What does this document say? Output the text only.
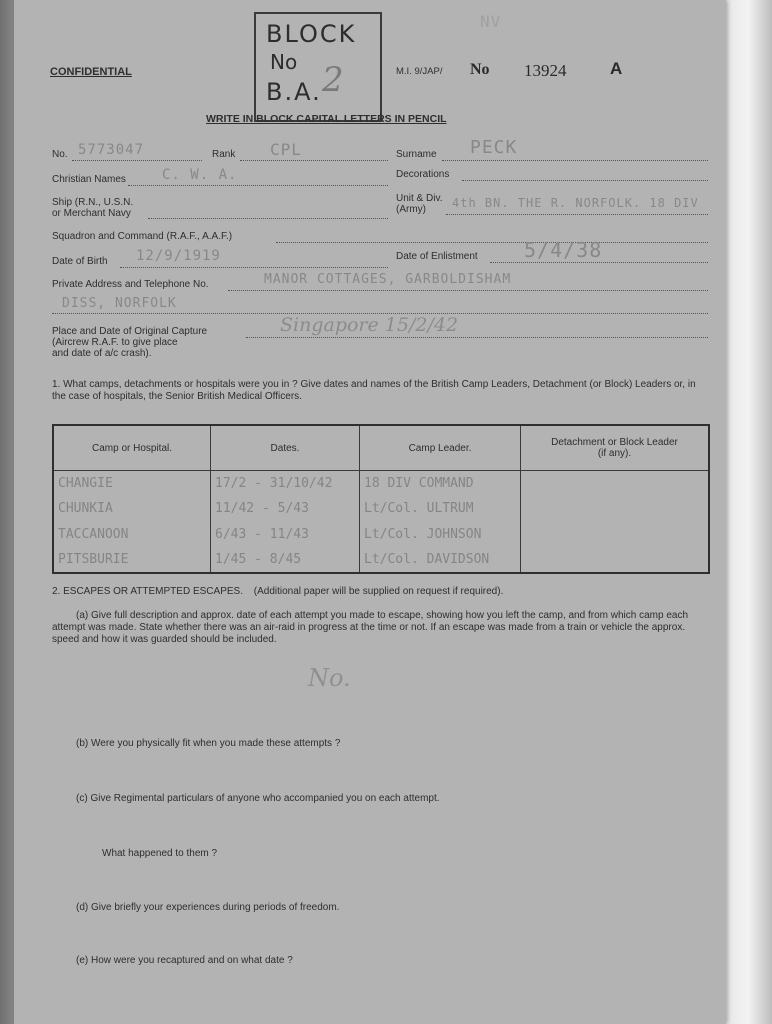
CONFIDENTIAL
BLOCK
No
B.A. 2
NV
M.I. 9/JAP/ No 13924	A
WRITE IN BLOCK CAPITAL LETTERS IN PENCIL
No. 5773047	Rank CPL	Surname PECK
Christian Names	C. W. A.	Decorations
Ship (R.N., U.S.N.
or Merchant Navy
Unit & Div.
(Army) 4th BN. THE R. NORFOLK. 18 DIV
Squadron and Command (R.A.F., A.A.F.)
Date of Birth 12/9/1919	Date of Enlistment 5/4/38
Private Address and Telephone No.	MANOR COTTAGES, GARBOLDISHAM
DISS, NORFOLK
Place and Date of Original Capture
(Aircrew R.A.F. to give place
and date of a/c crash).
Singapore 15/2/42
1. What camps, detachments or hospitals were you in ? Give dates and names of the British Camp Leaders, Detachment (or Block) Leaders or, in the case of hospitals, the Senior British Medical Officers.
Camp or Hospital.	Dates.	Camp Leader.	Detachment or Block Leader (if any).
CHANGIE	17/2 - 31/10/42	18 DIV COMMAND	
CHUNKIA	11/42 - 5/43	Lt/Col. ULTRUM	
TACCANOON	6/43 - 11/43	Lt/Col. JOHNSON	
PITSBURIE	1/45 - 8/45	Lt/Col. DAVIDSON	
2. ESCAPES OR ATTEMPTED ESCAPES. (Additional paper will be supplied on request if required).
(a) Give full description and approx. date of each attempt you made to escape, showing how you left the camp, and from which camp each attempt was made. State whether there was an air-raid in progress at the time or not. If an escape was made from a train or vehicle the approx. speed and how it was guarded should be included.
No.
(b) Were you physically fit when you made these attempts ?
(c) Give Regimental particulars of anyone who accompanied you on each attempt.
What happened to them ?
(d) Give briefly your experiences during periods of freedom.
(e) How were you recaptured and on what date ?
